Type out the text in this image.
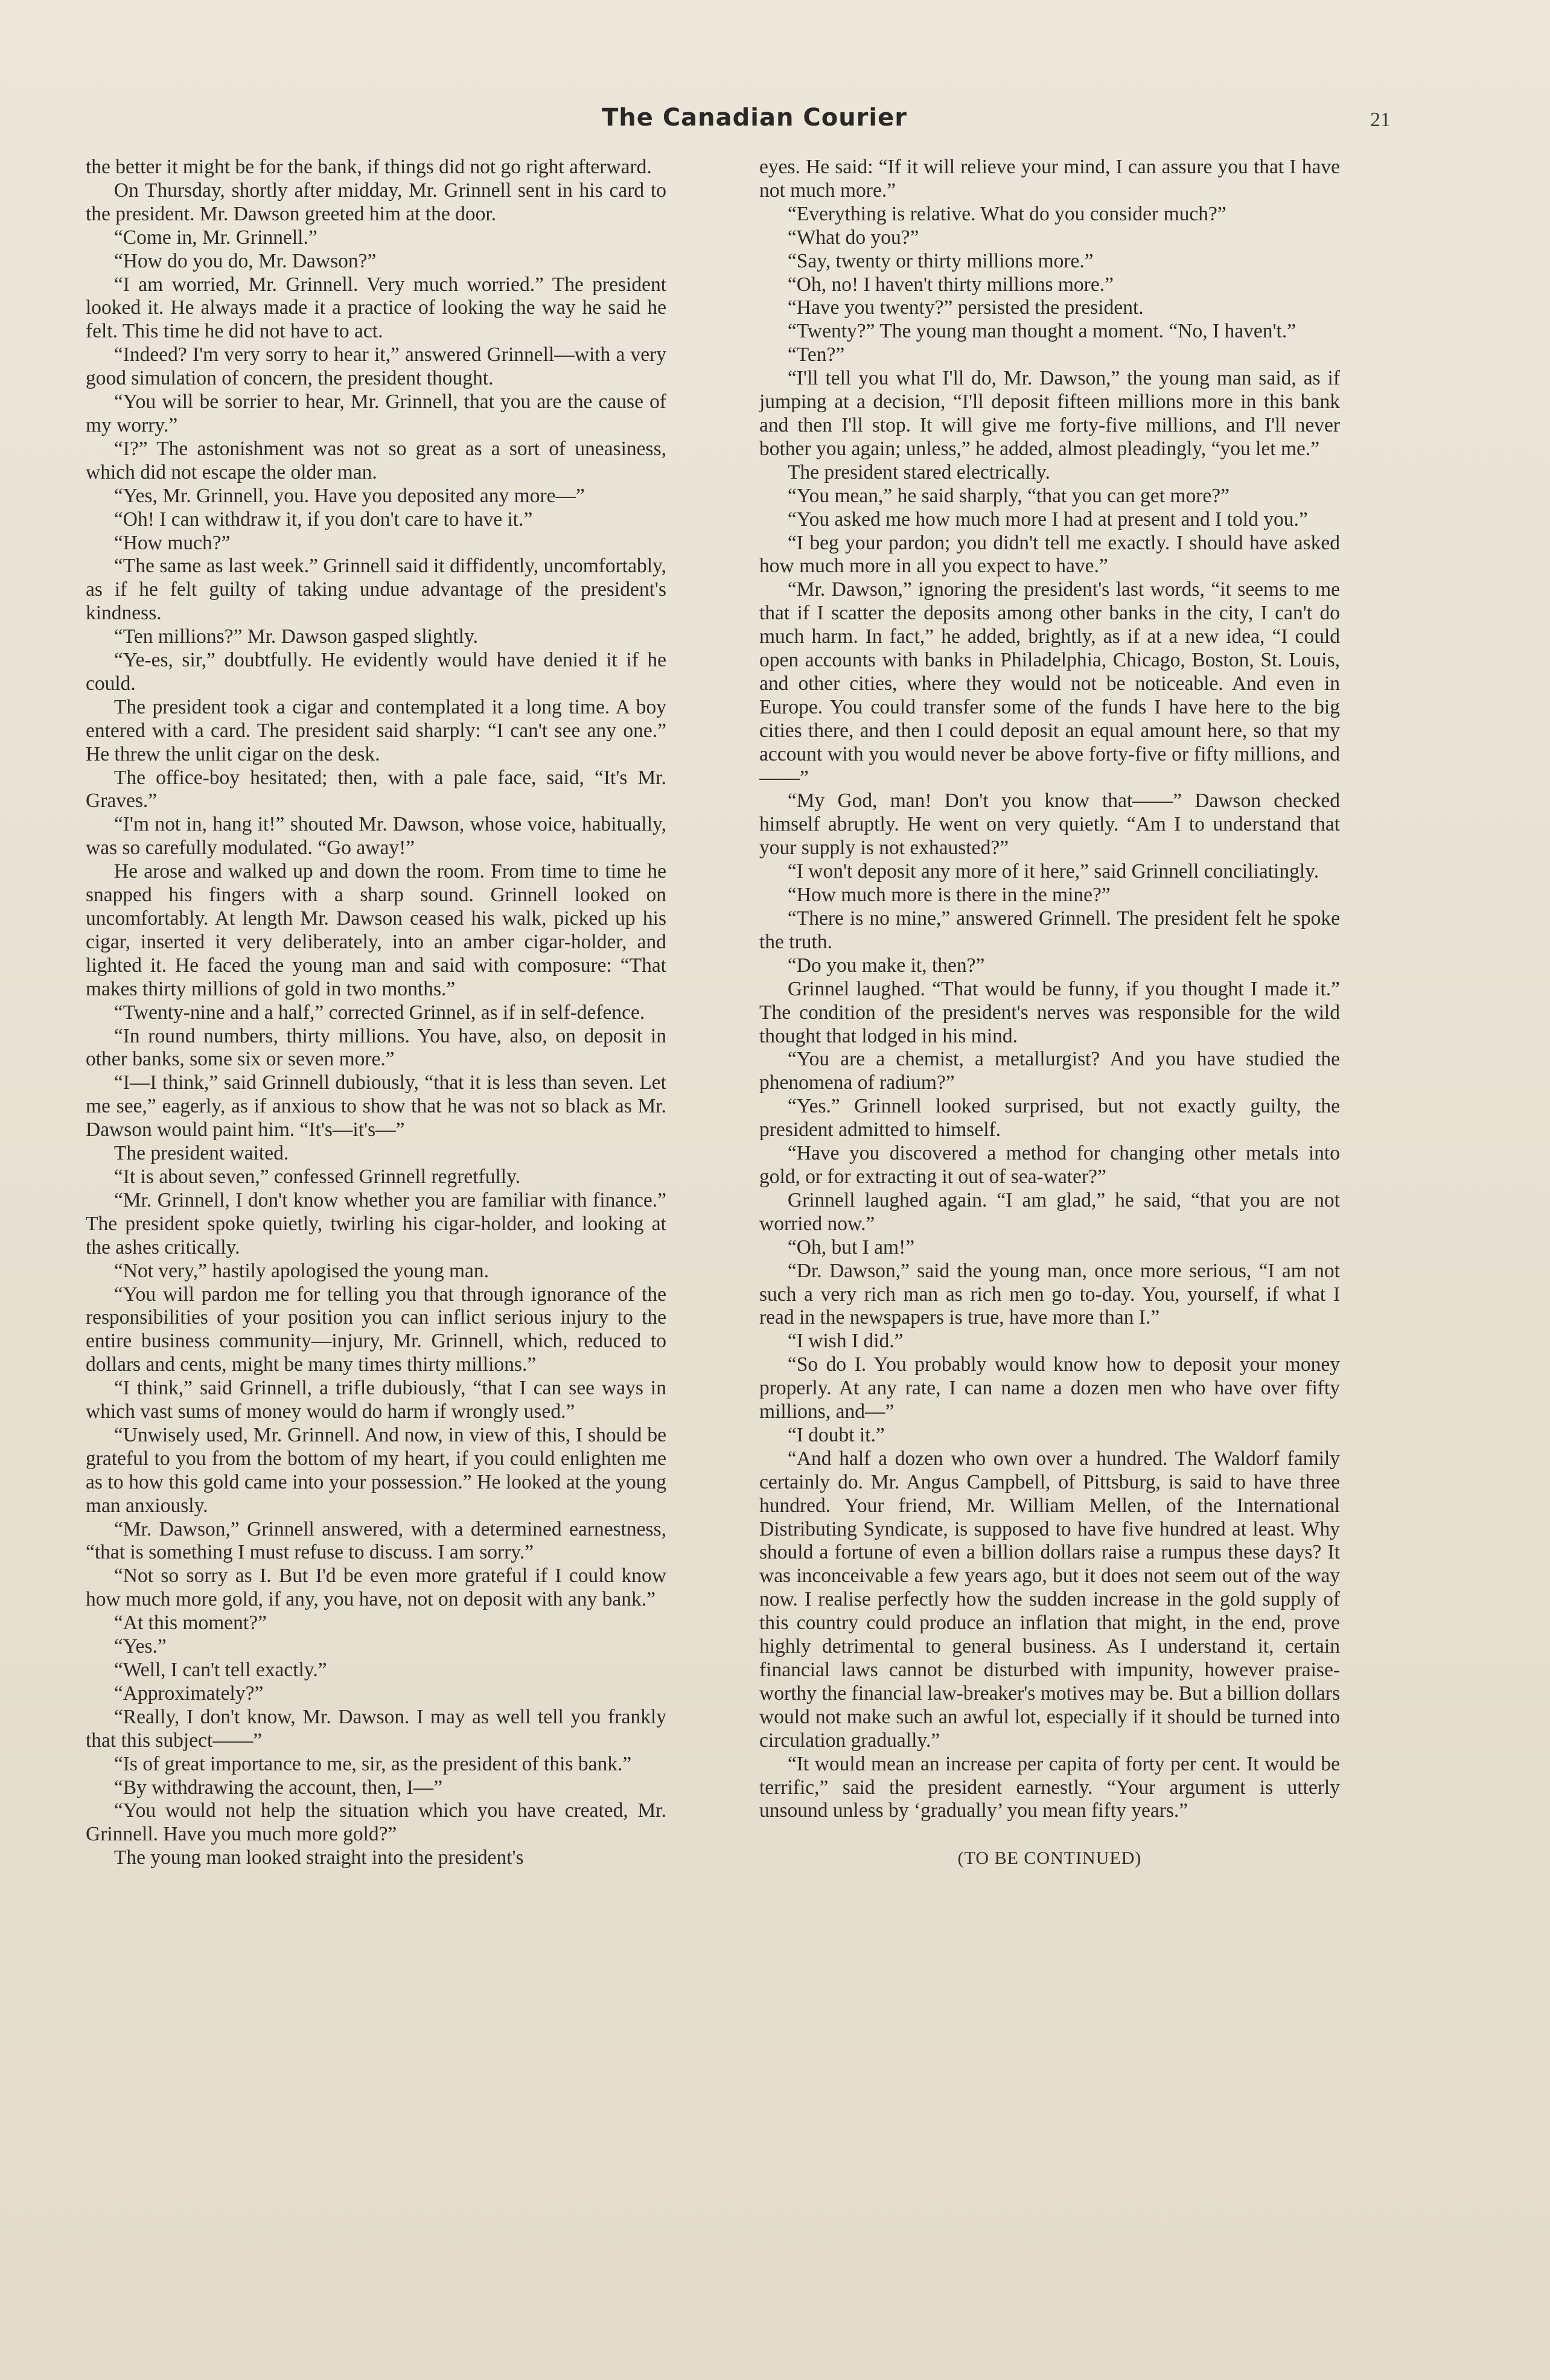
The Canadian Courier	21

the better it might be for the bank, if things did not go right afterward.

On Thursday, shortly after midday, Mr. Grinnell sent in his card to the president. Mr. Dawson greeted him at the door.

“Come in, Mr. Grinnell.”

“How do you do, Mr. Dawson?”

“I am worried, Mr. Grinnell. Very much worried.” The president looked it. He always made it a practice of looking the way he said he felt. This time he did not have to act.

“Indeed? I'm very sorry to hear it,” answered Grinnell—with a very good simulation of concern, the president thought.

“You will be sorrier to hear, Mr. Grinnell, that you are the cause of my worry.”

“I?” The astonishment was not so great as a sort of uneasiness, which did not escape the older man.

“Yes, Mr. Grinnell, you. Have you deposited any more—”

“Oh! I can withdraw it, if you don't care to have it.”

“How much?”

“The same as last week.” Grinnell said it diffidently, uncomfortably, as if he felt guilty of taking undue advantage of the president's kindness.

“Ten millions?” Mr. Dawson gasped slightly.

“Ye-es, sir,” doubtfully. He evidently would have denied it if he could.

The president took a cigar and contemplated it a long time. A boy entered with a card. The president said sharply: “I can't see any one.” He threw the unlit cigar on the desk.

The office-boy hesitated; then, with a pale face, said, “It's Mr. Graves.”

“I'm not in, hang it!” shouted Mr. Dawson, whose voice, habitually, was so carefully modulated. “Go away!”

He arose and walked up and down the room. From time to time he snapped his fingers with a sharp sound. Grinnell looked on uncomfortably. At length Mr. Dawson ceased his walk, picked up his cigar, inserted it very deliberately, into an amber cigar-holder, and lighted it. He faced the young man and said with composure: “That makes thirty millions of gold in two months.”

“Twenty-nine and a half,” corrected Grinnel, as if in self-defence.

“In round numbers, thirty millions. You have, also, on deposit in other banks, some six or seven more.”

“I—I think,” said Grinnell dubiously, “that it is less than seven. Let me see,” eagerly, as if anxious to show that he was not so black as Mr. Dawson would paint him. “It's—it's—”

The president waited.

“It is about seven,” confessed Grinnell regretfully.

“Mr. Grinnell, I don't know whether you are familiar with finance.” The president spoke quietly, twirling his cigar-holder, and looking at the ashes critically.

“Not very,” hastily apologised the young man.

“You will pardon me for telling you that through ignorance of the responsibilities of your position you can inflict serious injury to the entire business community—injury, Mr. Grinnell, which, reduced to dollars and cents, might be many times thirty millions.”

“I think,” said Grinnell, a trifle dubiously, “that I can see ways in which vast sums of money would do harm if wrongly used.”

“Unwisely used, Mr. Grinnell. And now, in view of this, I should be grateful to you from the bottom of my heart, if you could enlighten me as to how this gold came into your possession.” He looked at the young man anxiously.

“Mr. Dawson,” Grinnell answered, with a determined earnestness, “that is something I must refuse to discuss. I am sorry.”

“Not so sorry as I. But I'd be even more grateful if I could know how much more gold, if any, you have, not on deposit with any bank.”

“At this moment?”

“Yes.”

“Well, I can't tell exactly.”

“Approximately?”

“Really, I don't know, Mr. Dawson. I may as well tell you frankly that this subject——”

“Is of great importance to me, sir, as the president of this bank.”

“By withdrawing the account, then, I—”

“You would not help the situation which you have created, Mr. Grinnell. Have you much more gold?”

The young man looked straight into the president's

eyes. He said: “If it will relieve your mind, I can assure you that I have not much more.”

“Everything is relative. What do you consider much?”

“What do you?”

“Say, twenty or thirty millions more.”

“Oh, no! I haven't thirty millions more.”

“Have you twenty?” persisted the president.

“Twenty?” The young man thought a moment. “No, I haven't.”

“Ten?”

“I'll tell you what I'll do, Mr. Dawson,” the young man said, as if jumping at a decision, “I'll deposit fifteen millions more in this bank and then I'll stop. It will give me forty-five millions, and I'll never bother you again; unless,” he added, almost pleadingly, “you let me.”

The president stared electrically.

“You mean,” he said sharply, “that you can get more?”

“You asked me how much more I had at present and I told you.”

“I beg your pardon; you didn't tell me exactly. I should have asked how much more in all you expect to have.”

“Mr. Dawson,” ignoring the president's last words, “it seems to me that if I scatter the deposits among other banks in the city, I can't do much harm. In fact,” he added, brightly, as if at a new idea, “I could open accounts with banks in Philadelphia, Chicago, Boston, St. Louis, and other cities, where they would not be noticeable. And even in Europe. You could transfer some of the funds I have here to the big cities there, and then I could deposit an equal amount here, so that my account with you would never be above forty-five or fifty millions, and——”

“My God, man! Don't you know that——” Dawson checked himself abruptly. He went on very quietly. “Am I to understand that your supply is not exhausted?”

“I won't deposit any more of it here,” said Grinnell conciliatingly.

“How much more is there in the mine?”

“There is no mine,” answered Grinnell. The president felt he spoke the truth.

“Do you make it, then?”

Grinnel laughed. “That would be funny, if you thought I made it.” The condition of the president's nerves was responsible for the wild thought that lodged in his mind.

“You are a chemist, a metallurgist? And you have studied the phenomena of radium?”

“Yes.” Grinnell looked surprised, but not exactly guilty, the president admitted to himself.

“Have you discovered a method for changing other metals into gold, or for extracting it out of sea-water?”

Grinnell laughed again. “I am glad,” he said, “that you are not worried now.”

“Oh, but I am!”

“Dr. Dawson,” said the young man, once more serious, “I am not such a very rich man as rich men go to-day. You, yourself, if what I read in the newspapers is true, have more than I.”

“I wish I did.”

“So do I. You probably would know how to deposit your money properly. At any rate, I can name a dozen men who have over fifty millions, and—”

“I doubt it.”

“And half a dozen who own over a hundred. The Waldorf family certainly do. Mr. Angus Campbell, of Pittsburg, is said to have three hundred. Your friend, Mr. William Mellen, of the International Distributing Syndicate, is supposed to have five hundred at least. Why should a fortune of even a billion dollars raise a rumpus these days? It was inconceivable a few years ago, but it does not seem out of the way now. I realise perfectly how the sudden increase in the gold supply of this country could produce an inflation that might, in the end, prove highly detrimental to general business. As I understand it, certain financial laws cannot be disturbed with impunity, however praise-worthy the financial law-breaker's motives may be. But a billion dollars would not make such an awful lot, especially if it should be turned into circulation gradually.”

“It would mean an increase per capita of forty per cent. It would be terrific,” said the president earnestly. “Your argument is utterly unsound unless by ‘gradually’ you mean fifty years.”

(TO BE CONTINUED)
